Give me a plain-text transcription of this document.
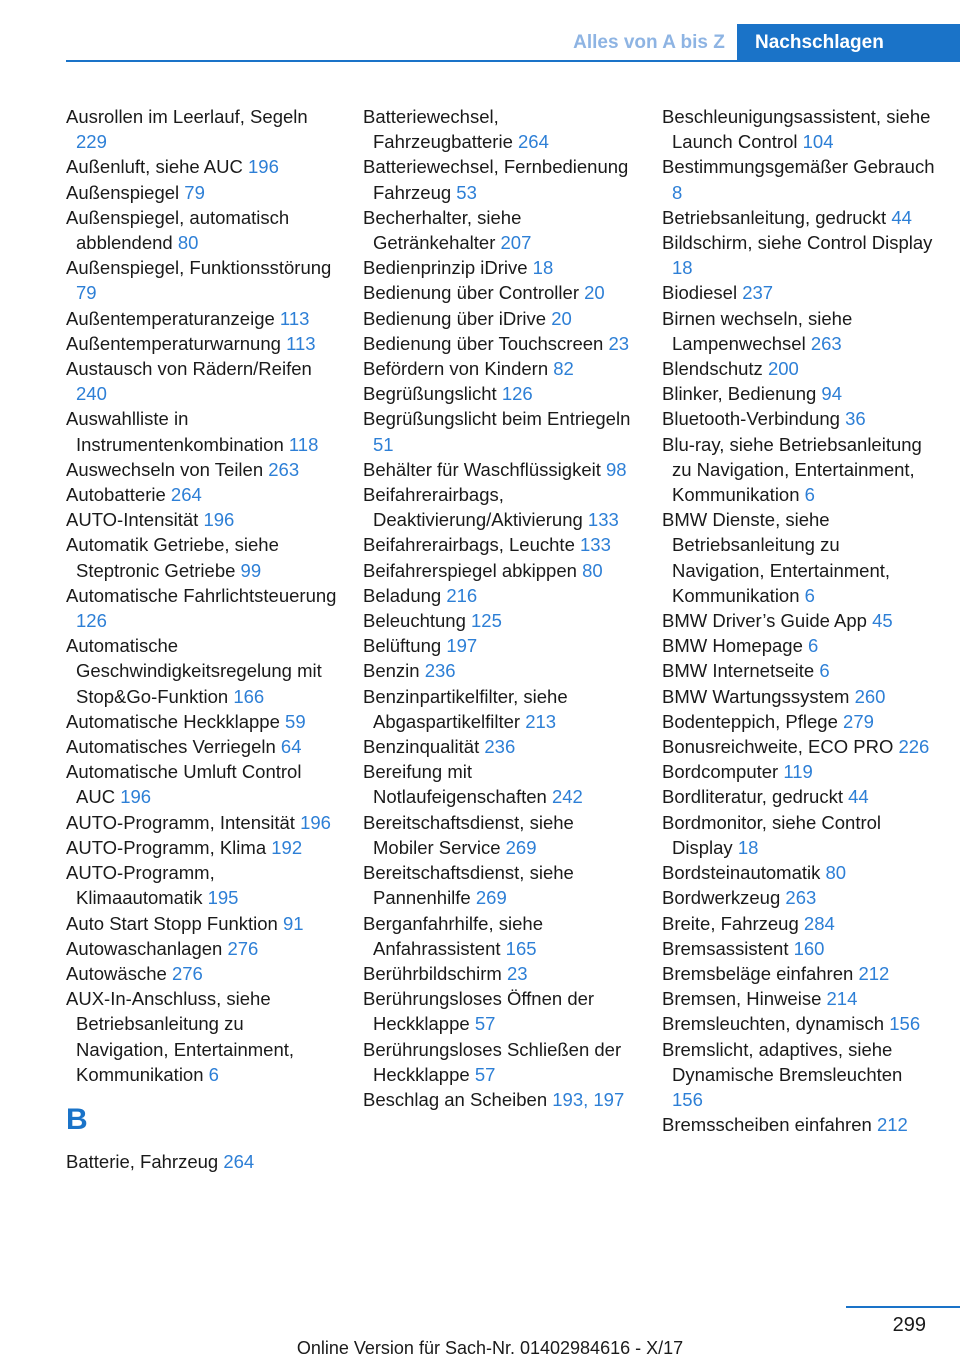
Alles von A bis Z	Nachschlagen

Ausrollen im Leerlauf, Segeln 229

Außenluft, siehe AUC 196

Außenspiegel 79

Außenspiegel, automatisch abblendend 80

Außenspiegel, Funktionsstörung 79

Außentemperaturanzeige 113

Außentemperaturwarnung 113

Austausch von Rädern/Reifen 240

Auswahlliste in Instrumentenkombination 118

Auswechseln von Teilen 263

Autobatterie 264

AUTO-Intensität 196

Automatik Getriebe, siehe Steptronic Getriebe 99

Automatische Fahrlichtsteuerung 126

Automatische Geschwindigkeitsregelung mit Stop&Go-Funktion 166

Automatische Heckklappe 59

Automatisches Verriegeln 64

Automatische Umluft Control AUC 196

AUTO-Programm, Intensität 196

AUTO-Programm, Klima 192

AUTO-Programm, Klimaautomatik 195

Auto Start Stopp Funktion 91

Autowaschanlagen 276

Autowäsche 276

AUX-In-Anschluss, siehe Betriebsanleitung zu Navigation, Entertainment, Kommunikation 6

B

Batterie, Fahrzeug 264

Batteriewechsel, Fahrzeugbatterie 264

Batteriewechsel, Fernbedienung Fahrzeug 53

Becherhalter, siehe Getränkehalter 207

Bedienprinzip iDrive 18

Bedienung über Controller 20

Bedienung über iDrive 20

Bedienung über Touchscreen 23

Befördern von Kindern 82

Begrüßungslicht 126

Begrüßungslicht beim Entriegeln 51

Behälter für Waschflüssigkeit 98

Beifahrerairbags, Deaktivierung/Aktivierung 133

Beifahrerairbags, Leuchte 133

Beifahrerspiegel abkippen 80

Beladung 216

Beleuchtung 125

Belüftung 197

Benzin 236

Benzinpartikelfilter, siehe Abgaspartikelfilter 213

Benzinqualität 236

Bereifung mit Notlaufeigenschaften 242

Bereitschaftsdienst, siehe Mobiler Service 269

Bereitschaftsdienst, siehe Pannenhilfe 269

Berganfahrhilfe, siehe Anfahrassistent 165

Berührbildschirm 23

Berührungsloses Öffnen der Heckklappe 57

Berührungsloses Schließen der Heckklappe 57

Beschlag an Scheiben 193, 197

Beschleunigungsassistent, siehe Launch Control 104

Bestimmungsgemäßer Gebrauch 8

Betriebsanleitung, gedruckt 44

Bildschirm, siehe Control Display 18

Biodiesel 237

Birnen wechseln, siehe Lampenwechsel 263

Blendschutz 200

Blinker, Bedienung 94

Bluetooth-Verbindung 36

Blu-ray, siehe Betriebsanleitung zu Navigation, Entertainment, Kommunikation 6

BMW Dienste, siehe Betriebsanleitung zu Navigation, Entertainment, Kommunikation 6

BMW Driver’s Guide App 45

BMW Homepage 6

BMW Internetseite 6

BMW Wartungssystem 260

Bodenteppich, Pflege 279

Bonusreichweite, ECO PRO 226

Bordcomputer 119

Bordliteratur, gedruckt 44

Bordmonitor, siehe Control Display 18

Bordsteinautomatik 80

Bordwerkzeug 263

Breite, Fahrzeug 284

Bremsassistent 160

Bremsbeläge einfahren 212

Bremsen, Hinweise 214

Bremsleuchten, dynamisch 156

Bremslicht, adaptives, siehe Dynamische Bremsleuchten 156

Bremsscheiben einfahren 212

299
Online Version für Sach-Nr. 01402984616 - X/17
